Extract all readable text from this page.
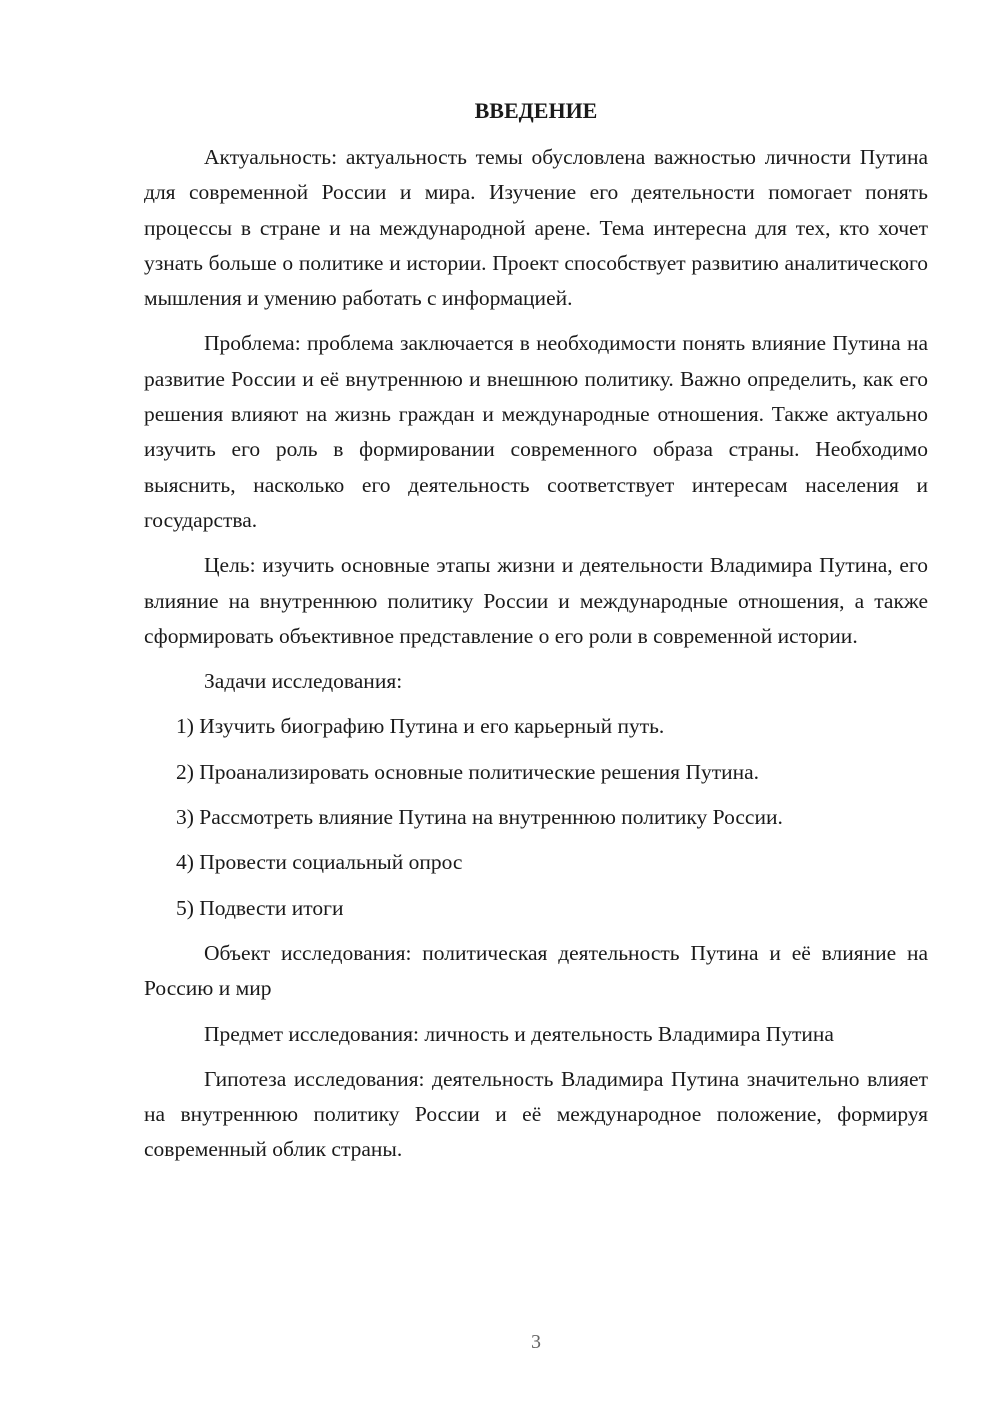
ВВЕДЕНИЕ

Актуальность: актуальность темы обусловлена важностью личности Путина для современной России и мира. Изучение его деятельности помогает понять процессы в стране и на международной арене. Тема интересна для тех, кто хочет узнать больше о политике и истории. Проект способствует развитию аналитического мышления и умению работать с информацией.

Проблема: проблема заключается в необходимости понять влияние Путина на развитие России и её внутреннюю и внешнюю политику. Важно определить, как его решения влияют на жизнь граждан и международные отношения. Также актуально изучить его роль в формировании современного образа страны. Необходимо выяснить, насколько его деятельность соответствует интересам населения и государства.

Цель: изучить основные этапы жизни и деятельности Владимира Путина, его влияние на внутреннюю политику России и международные отношения, а также сформировать объективное представление о его роли в современной истории.

Задачи исследования:

1) Изучить биографию Путина и его карьерный путь.
2) Проанализировать основные политические решения Путина.
3) Рассмотреть влияние Путина на внутреннюю политику России.
4) Провести социальный опрос
5) Подвести итоги

Объект исследования: политическая деятельность Путина и её влияние на Россию и мир

Предмет исследования: личность и деятельность Владимира Путина

Гипотеза исследования: деятельность Владимира Путина значительно влияет на внутреннюю политику России и её международное положение, формируя современный облик страны.

3
